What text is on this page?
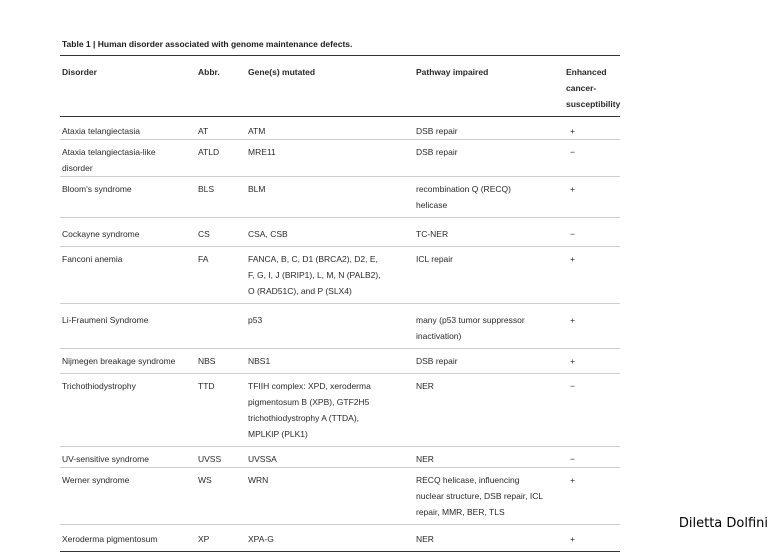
Table 1 | Human disorder associated with genome maintenance defects.
Disorder	Abbr.	Gene(s) mutated	Pathway impaired	Enhanced cancer-
susceptibility

Ataxia telangiectasia	AT	ATM	DSB repair	+

Ataxia telangiectasia-like
disorder	ATLD	MRE11	DSB repair	−

Bloom's syndrome	BLS	BLM	recombination Q (RECQ)
helicase	+

Cockayne syndrome	CS	CSA, CSB	TC-NER	−

Fanconi anemia	FA	FANCA, B, C, D1 (BRCA2), D2, E,
F, G, I, J (BRIP1), L, M, N (PALB2),
O (RAD51C), and P (SLX4)	ICL repair	+

Li-Fraumeni Syndrome		p53	many (p53 tumor suppressor
inactivation)	+

Nijmegen breakage syndrome	NBS	NBS1	DSB repair	+

Trichothiodystrophy	TTD	TFIIH complex: XPD, xeroderma
pigmentosum B (XPB), GTF2H5
trichothiodystrophy A (TTDA),
MPLKIP (PLK1)	NER	−

UV-sensitive syndrome	UVSS	UVSSA	NER	−

Werner syndrome	WS	WRN	RECQ helicase, influencing
nuclear structure, DSB repair, ICL
repair, MMR, BER, TLS	+

Xeroderma pigmentosum	XP	XPA-G	NER	+
Diletta Dolfini
